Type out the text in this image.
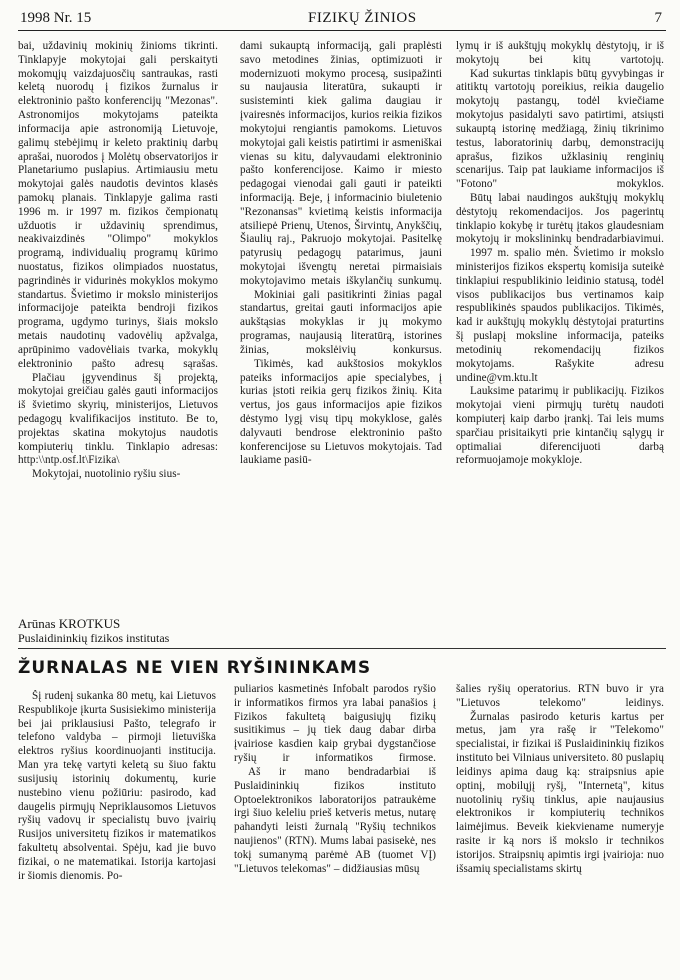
1998 Nr. 15	FIZIKŲ ŽINIOS	7

bai, uždavinių mokinių žinioms tikrinti. Tinklapyje mokytojai gali perskaityti mokomųjų vaizdajuosčių santraukas, rasti keletą nuorodų į fizikos žurnalus ir elektroninio pašto konferencijų "Mezonas". Astronomijos mokytojams pateikta informacija apie astronomiją Lietuvoje, galimų stebėjimų ir keleto praktinių darbų aprašai, nuorodos į Molėtų observatorijos ir Planetariumo puslapius. Artimiausiu metu mokytojai galės naudotis devintos klasės pamokų planais. Tinklapyje galima rasti 1996 m. ir 1997 m. fizikos čempionatų užduotis ir uždavinių sprendimus, neakivaizdinės "Olimpo" mokyklos programą, individualių programų kūrimo nuostatus, fizikos olimpiados nuostatus, pagrindinės ir vidurinės mokyklos mokymo standartus. Švietimo ir mokslo ministerijos informacijoje pateikta bendroji fizikos programa, ugdymo turinys, šiais mokslo metais naudotinų vadovėlių apžvalga, aprūpinimo vadovėliais tvarka, mokyklų elektroninio pašto adresų sąrašas.

Plačiau įgyvendinus šį projektą, mokytojai greičiau galės gauti informacijos iš švietimo skyrių, ministerijos, Lietuvos pedagogų kvalifikacijos instituto. Be to, projektas skatina mokytojus naudotis kompiuterių tinklu. Tinklapio adresas: http:\\ntp.osf.lt\Fizika\

Mokytojai, nuotolinio ryšiu sius-

dami sukauptą informaciją, gali praplėsti savo metodines žinias, optimizuoti ir modernizuoti mokymo procesą, susipažinti su naujausia literatūra, sukaupti ir susisteminti kiek galima daugiau ir įvairesnės informacijos, kurios reikia fizikos mokytojui rengiantis pamokoms. Lietuvos mokytojai gali keistis patirtimi ir asmeniškai vienas su kitu, dalyvaudami elektroninio pašto konferencijose. Kaimo ir miesto pedagogai vienodai gali gauti ir pateikti informaciją. Beje, į informacinio biuletenio "Rezonansas" kvietimą keistis informacija atsiliepė Prienų, Utenos, Širvintų, Anykščių, Šiaulių raj., Pakruojo mokytojai. Pasitelkę patyrusių pedagogų patarimus, jauni mokytojai išvengtų neretai pirmaisiais mokytojavimo metais iškylančių sunkumų.

Mokiniai gali pasitikrinti žinias pagal standartus, greitai gauti informacijos apie aukštąsias mokyklas ir jų mokymo programas, naujausią literatūrą, istorines žinias, mokslėivių konkursus.

Tikimės, kad aukštosios mokyklos pateiks informacijos apie specialybes, į kurias įstoti reikia gerų fizikos žinių. Kita vertus, jos gaus informacijos apie fizikos dėstymo lygį visų tipų mokyklose, galės dalyvauti bendrose elektroninio pašto konferencijose su Lietuvos mokytojais. Tad laukiame pasiū-

lymų ir iš aukštųjų mokyklų dėstytojų, ir iš mokytojų bei kitų vartotojų.

Kad sukurtas tinklapis būtų gyvybingas ir atitiktų vartotojų poreikius, reikia daugelio mokytojų pastangų, todėl kviečiame mokytojus pasidalyti savo patirtimi, atsiųsti sukauptą istorinę medžiagą, žinių tikrinimo testus, laboratorinių darbų, demonstracijų aprašus, fizikos užklasinių renginių scenarijus. Taip pat laukiame informacijos iš "Fotono" mokyklos.

Būtų labai naudingos aukštųjų mokyklų dėstytojų rekomendacijos. Jos pagerintų tinklapio kokybę ir turėtų įtakos glaudesniam mokytojų ir mokslininkų bendradarbiavimui.

1997 m. spalio mėn. Švietimo ir mokslo ministerijos fizikos ekspertų komisija suteikė tinklapiui respublikinio leidinio statusą, todėl visos publikacijos bus vertinamos kaip respublikinės spaudos publikacijos. Tikimės, kad ir aukštųjų mokyklų dėstytojai praturtins šį puslapį moksline informacija, pateiks metodinių rekomendacijų fizikos mokytojams. Rašykite adresu undine@vm.ktu.lt

Lauksime patarimų ir publikacijų. Fizikos mokytojai vieni pirmųjų turėtų naudoti kompiuterį kaip darbo įrankį. Tai leis mums sparčiau prisitaikyti prie kintančių sąlygų ir optimaliai diferencijuoti darbą reformuojamoje mokykloje.

Arūnas KROTKUS
Puslaidininkių fizikos institutas
ŽURNALAS NE VIEN RYŠININKAMS

Šį rudenį sukanka 80 metų, kai Lietuvos Respublikoje įkurta Susisiekimo ministerija bei jai priklausiusi Pašto, telegrafo ir telefono valdyba – pirmoji lietuviška elektros ryšius koordinuojanti institucija. Man yra tekę vartyti keletą su šiuo faktu susijusių istorinių dokumentų, kurie nustebino vienu požiūriu: pasirodo, kad daugelis pirmųjų Nepriklausomos Lietuvos ryšių vadovų ir specialistų buvo įvairių Rusijos universitetų fizikos ir matematikos fakultetų absolventai. Spėju, kad jie buvo fizikai, o ne matematikai. Istorija kartojasi ir šiomis dienomis. Po-

puliarios kasmetinės Infobalt parodos ryšio ir informatikos firmos yra labai panašios į Fizikos fakultetą baigusiųjų fizikų susitikimus – jų tiek daug dabar dirba įvairiose kasdien kaip grybai dygstančiose ryšių ir informatikos firmose.

Aš ir mano bendradarbiai iš Puslaidininkių fizikos instituto Optoelektronikos laboratorijos patraukėme irgi šiuo keleliu prieš ketveris metus, nutarę pahandyti leisti žurnalą "Ryšių technikos naujienos" (RTN). Mums labai pasisekė, nes tokį sumanymą parėmė AB (tuomet VĮ) "Lietuvos telekomas" – didžiausias mūsų

šalies ryšių operatorius. RTN buvo ir yra "Lietuvos telekomo" leidinys.

Žurnalas pasirodo keturis kartus per metus, jam yra rašę ir "Telekomo" specialistai, ir fizikai iš Puslaidininkių fizikos instituto bei Vilniaus universiteto. 80 puslapių leidinys apima daug ką: straipsnius apie optinį, mobilųjį ryšį, "Internetą", kitus nuotolinių ryšių tinklus, apie naujausius elektronikos ir kompiuterių technikos laimėjimus. Beveik kiekviename numeryje rasite ir ką nors iš mokslo ir technikos istorijos. Straipsnių apimtis irgi įvairioja: nuo išsamių specialistams skirtų
